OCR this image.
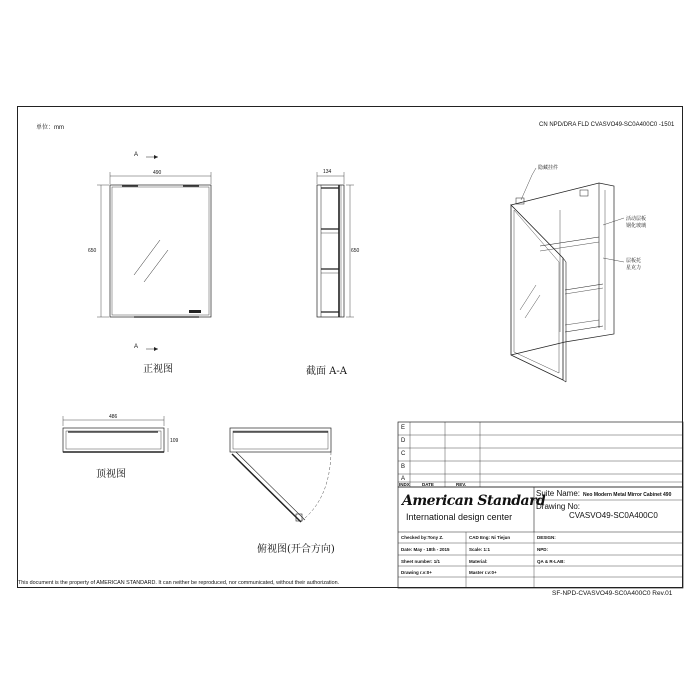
CN NPD/DRA FLD CVASVO49-SC0A400C0 -1501
单位：mm
A
A
490
650
正视图
134
650
截面 A-A
486
109
顶视图
俯视图(开合方向)
隐藏挂件
活动层板
钢化玻璃
层板托
星克力
E
D
C
B
A
INDX	DATE	REV.
American Standard
International design center
Suite Name: Neo Modern Metal Mirror Cabinet 490
Drawing No:
CVASVO49-SC0A400C0
Checked by:Tony Z.	CAD Eng: Ni Tiejun	DESIGN:
Date: May - 18th - 2015	Scale: 1:1	NPD:
Sheet number: 1/1	Material:	QA & R-LAB:
Drawing r.v:0+	Master r.v:0+
This document is the property of AMERICAN STANDARD. It can neither be reproduced, nor communicated, without their authorization.
SF-NPD-CVASVO49-SC0A400C0 Rev.01
